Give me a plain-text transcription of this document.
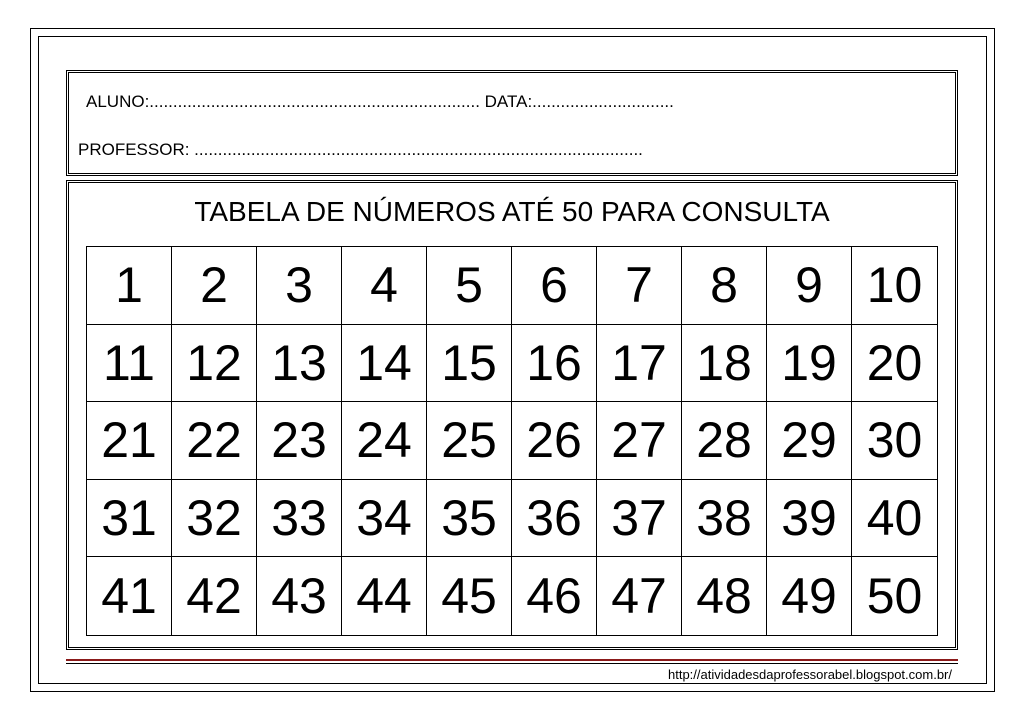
ALUNO:...................................................................... DATA:..............................
PROFESSOR: ...............................................................................................
TABELA DE NÚMEROS ATÉ 50 PARA CONSULTA
1	2	3	4	5	6	7	8	9 10
11 12 13 14 15 16 17 18 19 20
21 22 23 24 25 26 27 28 29 30
31 32 33 34 35 36 37 38 39 40
41 42 43 44 45 46 47 48 49 50
http://atividadesdaprofessorabel.blogspot.com.br/
